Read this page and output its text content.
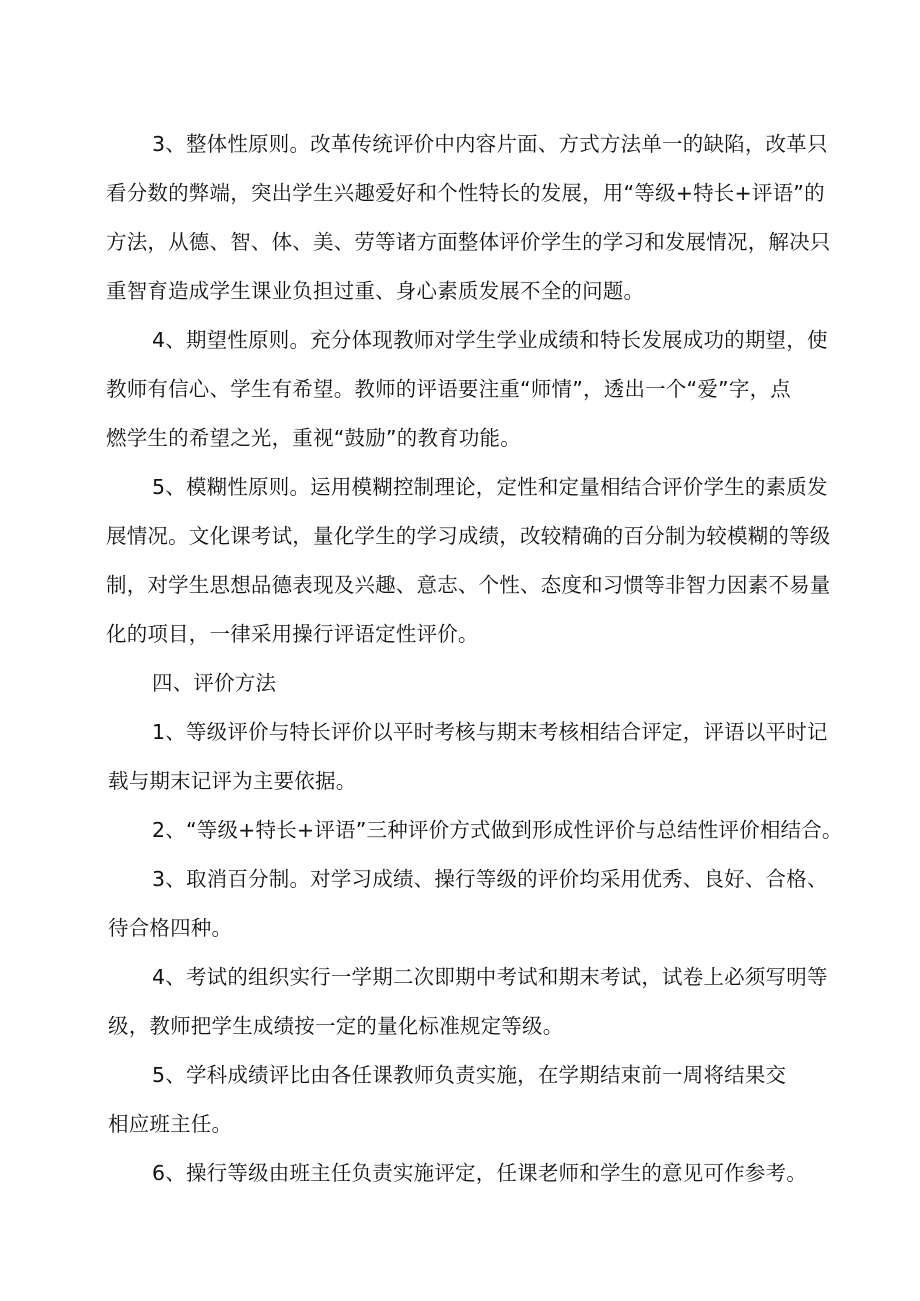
3、整体性原则。改革传统评价中内容片面、方式方法单一的缺陷，改革只
看分数的弊端，突出学生兴趣爱好和个性特长的发展，用“等级+特长+评语”的
方法，从德、智、体、美、劳等诸方面整体评价学生的学习和发展情况，解决只
重智育造成学生课业负担过重、身心素质发展不全的问题。
4、期望性原则。充分体现教师对学生学业成绩和特长发展成功的期望，使
教师有信心、学生有希望。教师的评语要注重“师情”，透出一个“爱”字，点
燃学生的希望之光，重视“鼓励”的教育功能。
5、模糊性原则。运用模糊控制理论，定性和定量相结合评价学生的素质发
展情况。文化课考试，量化学生的学习成绩，改较精确的百分制为较模糊的等级
制，对学生思想品德表现及兴趣、意志、个性、态度和习惯等非智力因素不易量
化的项目，一律采用操行评语定性评价。
四、评价方法
1、等级评价与特长评价以平时考核与期末考核相结合评定，评语以平时记
载与期末记评为主要依据。
2、“等级+特长+评语”三种评价方式做到形成性评价与总结性评价相结合。
3、取消百分制。对学习成绩、操行等级的评价均采用优秀、良好、合格、
待合格四种。
4、考试的组织实行一学期二次即期中考试和期末考试，试卷上必须写明等
级，教师把学生成绩按一定的量化标准规定等级。
5、学科成绩评比由各任课教师负责实施，在学期结束前一周将结果交
相应班主任。
6、操行等级由班主任负责实施评定，任课老师和学生的意见可作参考。
